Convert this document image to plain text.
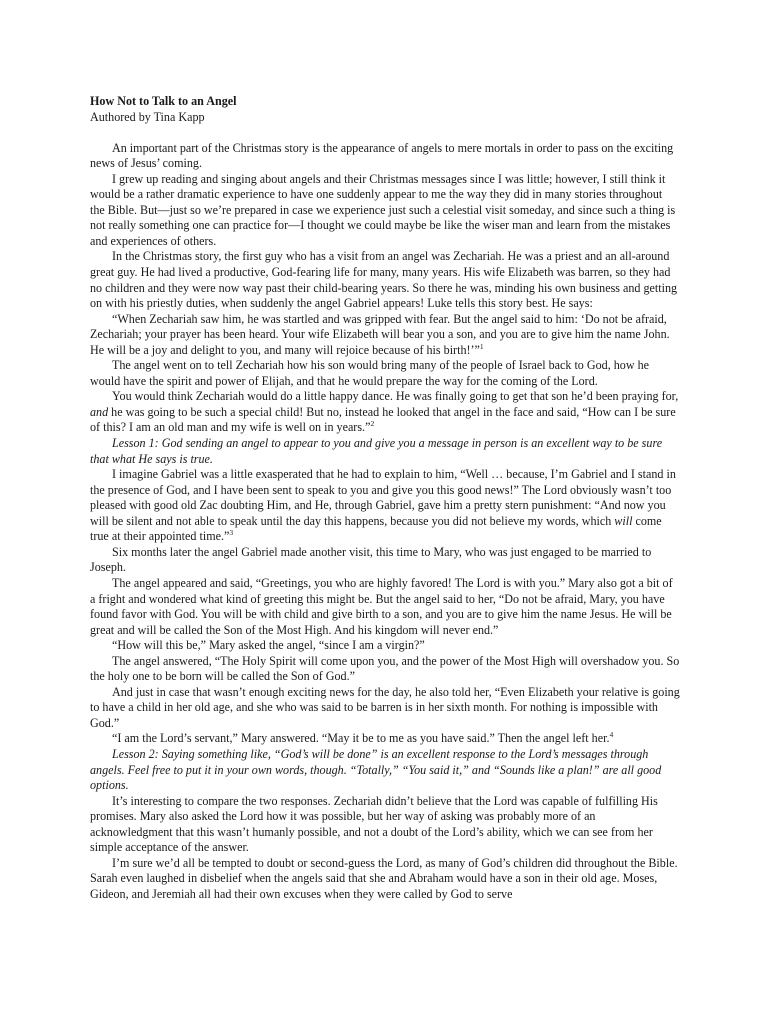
How Not to Talk to an Angel

Authored by Tina Kapp

An important part of the Christmas story is the appearance of angels to mere mortals in order to pass on the exciting news of Jesus’ coming.

I grew up reading and singing about angels and their Christmas messages since I was little; however, I still think it would be a rather dramatic experience to have one suddenly appear to me the way they did in many stories throughout the Bible. But—just so we’re prepared in case we experience just such a celestial visit someday, and since such a thing is not really something one can practice for—I thought we could maybe be like the wiser man and learn from the mistakes and experiences of others.

In the Christmas story, the first guy who has a visit from an angel was Zechariah. He was a priest and an all-around great guy. He had lived a productive, God-fearing life for many, many years. His wife Elizabeth was barren, so they had no children and they were now way past their child-bearing years. So there he was, minding his own business and getting on with his priestly duties, when suddenly the angel Gabriel appears! Luke tells this story best. He says:

“When Zechariah saw him, he was startled and was gripped with fear. But the angel said to him: ‘Do not be afraid, Zechariah; your prayer has been heard. Your wife Elizabeth will bear you a son, and you are to give him the name John. He will be a joy and delight to you, and many will rejoice because of his birth!’”$^1$

The angel went on to tell Zechariah how his son would bring many of the people of Israel back to God, how he would have the spirit and power of Elijah, and that he would prepare the way for the coming of the Lord.

You would think Zechariah would do a little happy dance. He was finally going to get that son he’d been praying for, and he was going to be such a special child! But no, instead he looked that angel in the face and said, “How can I be sure of this? I am an old man and my wife is well on in years.”$^2$

Lesson 1: God sending an angel to appear to you and give you a message in person is an excellent way to be sure that what He says is true.

I imagine Gabriel was a little exasperated that he had to explain to him, “Well … because, I’m Gabriel and I stand in the presence of God, and I have been sent to speak to you and give you this good news!” The Lord obviously wasn’t too pleased with good old Zac doubting Him, and He, through Gabriel, gave him a pretty stern punishment: “And now you will be silent and not able to speak until the day this happens, because you did not believe my words, which will come true at their appointed time.”$^3$

Six months later the angel Gabriel made another visit, this time to Mary, who was just engaged to be married to Joseph.

The angel appeared and said, “Greetings, you who are highly favored! The Lord is with you.” Mary also got a bit of a fright and wondered what kind of greeting this might be. But the angel said to her, “Do not be afraid, Mary, you have found favor with God. You will be with child and give birth to a son, and you are to give him the name Jesus. He will be great and will be called the Son of the Most High. And his kingdom will never end.”

“How will this be,” Mary asked the angel, “since I am a virgin?”

The angel answered, “The Holy Spirit will come upon you, and the power of the Most High will overshadow you. So the holy one to be born will be called the Son of God.”

And just in case that wasn’t enough exciting news for the day, he also told her, “Even Elizabeth your relative is going to have a child in her old age, and she who was said to be barren is in her sixth month. For nothing is impossible with God.”

“I am the Lord’s servant,” Mary answered. “May it be to me as you have said.” Then the angel left her.$^4$

Lesson 2: Saying something like, “God’s will be done” is an excellent response to the Lord’s messages through angels. Feel free to put it in your own words, though. “Totally,” “You said it,” and “Sounds like a plan!” are all good options.

It’s interesting to compare the two responses. Zechariah didn’t believe that the Lord was capable of fulfilling His promises. Mary also asked the Lord how it was possible, but her way of asking was probably more of an acknowledgment that this wasn’t humanly possible, and not a doubt of the Lord’s ability, which we can see from her simple acceptance of the answer.

I’m sure we’d all be tempted to doubt or second-guess the Lord, as many of God’s children did throughout the Bible. Sarah even laughed in disbelief when the angels said that she and Abraham would have a son in their old age. Moses, Gideon, and Jeremiah all had their own excuses when they were called by God to serve
